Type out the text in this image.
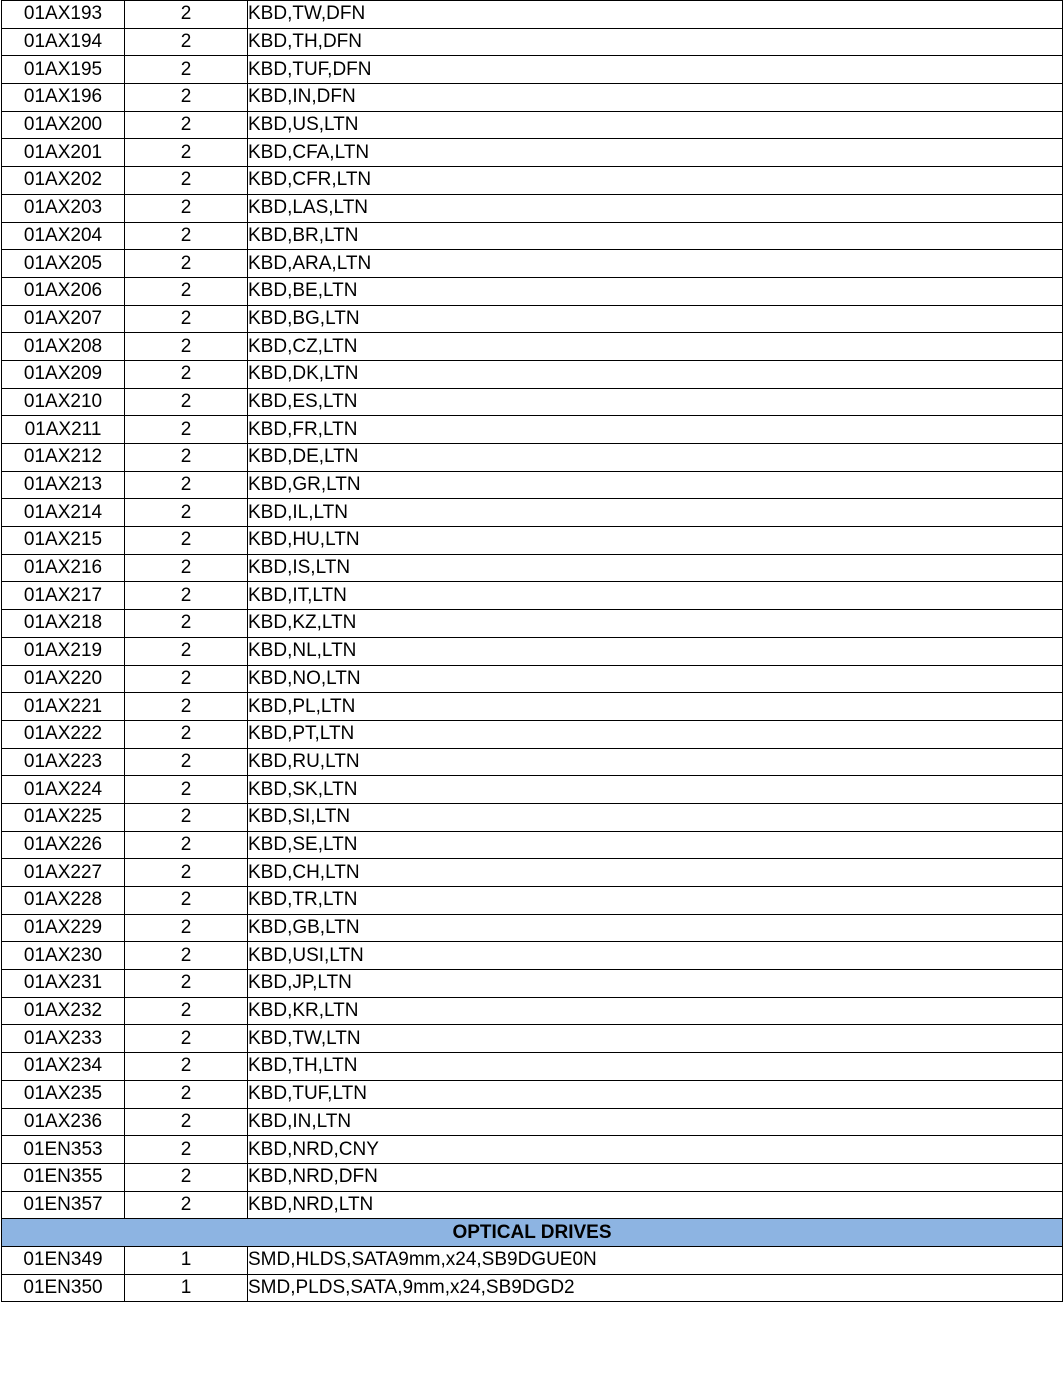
01AX193	2	KBD,TW,DFN
01AX194	2	KBD,TH,DFN
01AX195	2	KBD,TUF,DFN
01AX196	2	KBD,IN,DFN
01AX200	2	KBD,US,LTN
01AX201	2	KBD,CFA,LTN
01AX202	2	KBD,CFR,LTN
01AX203	2	KBD,LAS,LTN
01AX204	2	KBD,BR,LTN
01AX205	2	KBD,ARA,LTN
01AX206	2	KBD,BE,LTN
01AX207	2	KBD,BG,LTN
01AX208	2	KBD,CZ,LTN
01AX209	2	KBD,DK,LTN
01AX210	2	KBD,ES,LTN
01AX211	2	KBD,FR,LTN
01AX212	2	KBD,DE,LTN
01AX213	2	KBD,GR,LTN
01AX214	2	KBD,IL,LTN
01AX215	2	KBD,HU,LTN
01AX216	2	KBD,IS,LTN
01AX217	2	KBD,IT,LTN
01AX218	2	KBD,KZ,LTN
01AX219	2	KBD,NL,LTN
01AX220	2	KBD,NO,LTN
01AX221	2	KBD,PL,LTN
01AX222	2	KBD,PT,LTN
01AX223	2	KBD,RU,LTN
01AX224	2	KBD,SK,LTN
01AX225	2	KBD,SI,LTN
01AX226	2	KBD,SE,LTN
01AX227	2	KBD,CH,LTN
01AX228	2	KBD,TR,LTN
01AX229	2	KBD,GB,LTN
01AX230	2	KBD,USI,LTN
01AX231	2	KBD,JP,LTN
01AX232	2	KBD,KR,LTN
01AX233	2	KBD,TW,LTN
01AX234	2	KBD,TH,LTN
01AX235	2	KBD,TUF,LTN
01AX236	2	KBD,IN,LTN
01EN353	2	KBD,NRD,CNY
01EN355	2	KBD,NRD,DFN
01EN357	2	KBD,NRD,LTN
OPTICAL DRIVES		
01EN349	1	SMD,HLDS,SATA9mm,x24,SB9DGUE0N
01EN350	1	SMD,PLDS,SATA,9mm,x24,SB9DGD2
